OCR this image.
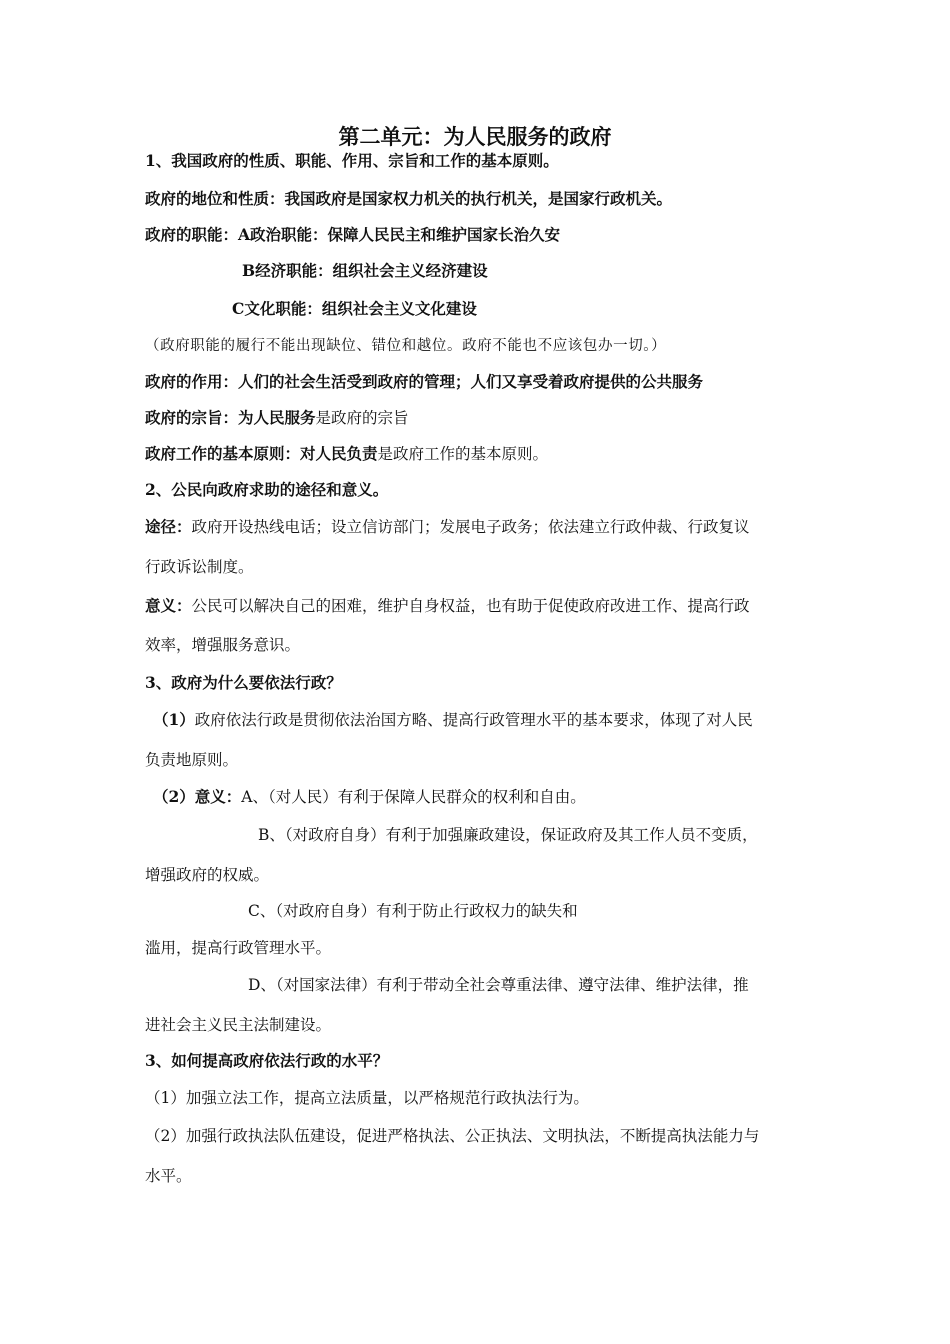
第二单元：为人民服务的政府
1、我国政府的性质、职能、作用、宗旨和工作的基本原则。
政府的地位和性质：我国政府是国家权力机关的执行机关，是国家行政机关。
政府的职能：A政治职能：保障人民民主和维护国家长治久安
B经济职能：组织社会主义经济建设
C文化职能：组织社会主义文化建设
（政府职能的履行不能出现缺位、错位和越位。政府不能也不应该包办一切。）
政府的作用：人们的社会生活受到政府的管理；人们又享受着政府提供的公共服务
政府的宗旨：为人民服务是政府的宗旨
政府工作的基本原则：对人民负责是政府工作的基本原则。
2、公民向政府求助的途径和意义。
途径：政府开设热线电话；设立信访部门；发展电子政务；依法建立行政仲裁、行政复议
行政诉讼制度。
意义：公民可以解决自己的困难，维护自身权益，也有助于促使政府改进工作、提高行政
效率，增强服务意识。
3、政府为什么要依法行政？
（1）政府依法行政是贯彻依法治国方略、提高行政管理水平的基本要求，体现了对人民
负责地原则。
（2）意义：A、（对人民）有利于保障人民群众的权利和自由。
B、（对政府自身）有利于加强廉政建设，保证政府及其工作人员不变质，
增强政府的权威。
C、（对政府自身）有利于防止行政权力的缺失和
滥用，提高行政管理水平。
D、（对国家法律）有利于带动全社会尊重法律、遵守法律、维护法律，推
进社会主义民主法制建设。
3、如何提高政府依法行政的水平？
（1）加强立法工作，提高立法质量，以严格规范行政执法行为。
（2）加强行政执法队伍建设，促进严格执法、公正执法、文明执法，不断提高执法能力与
水平。
